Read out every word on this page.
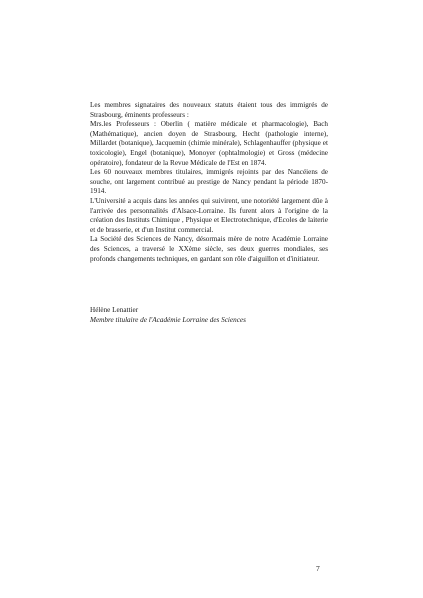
Les membres signataires des nouveaux statuts étaient tous des immigrés de Strasbourg, éminents professeurs :

Mrs.les Professeurs : Oberlin ( matière médicale et pharmacologie), Bach (Mathématique), ancien doyen de Strasbourg, Hecht (pathologie interne), Millardet (botanique), Jacquemin (chimie minérale), Schlagenhauffer (physique et toxicologie), Engel (botanique), Monoyer (ophtalmologie) et Gross (médecine opératoire), fondateur de la Revue Médicale de l'Est en 1874.

Les 60 nouveaux membres titulaires, immigrés rejoints par des Nancéiens de souche, ont largement contribué au prestige de Nancy pendant la période 1870-1914.

L'Université a acquis dans les années qui suivirent, une notoriété largement dûe à l'arrivée des personnalités d'Alsace-Lorraine. Ils furent alors à l'origine de la création des Instituts Chimique , Physique et Electrotechnique, d'Ecoles de laiterie et de brasserie, et d'un Institut commercial.

La Société des Sciences de Nancy, désormais mère de notre Académie Lorraine des Sciences, a traversé le XXème siècle, ses deux guerres mondiales, ses profonds changements techniques, en gardant son rôle d'aiguillon et d'initiateur.

Hélène Lenattier

Membre titulaire de l'Académie Lorraine des Sciences

7
